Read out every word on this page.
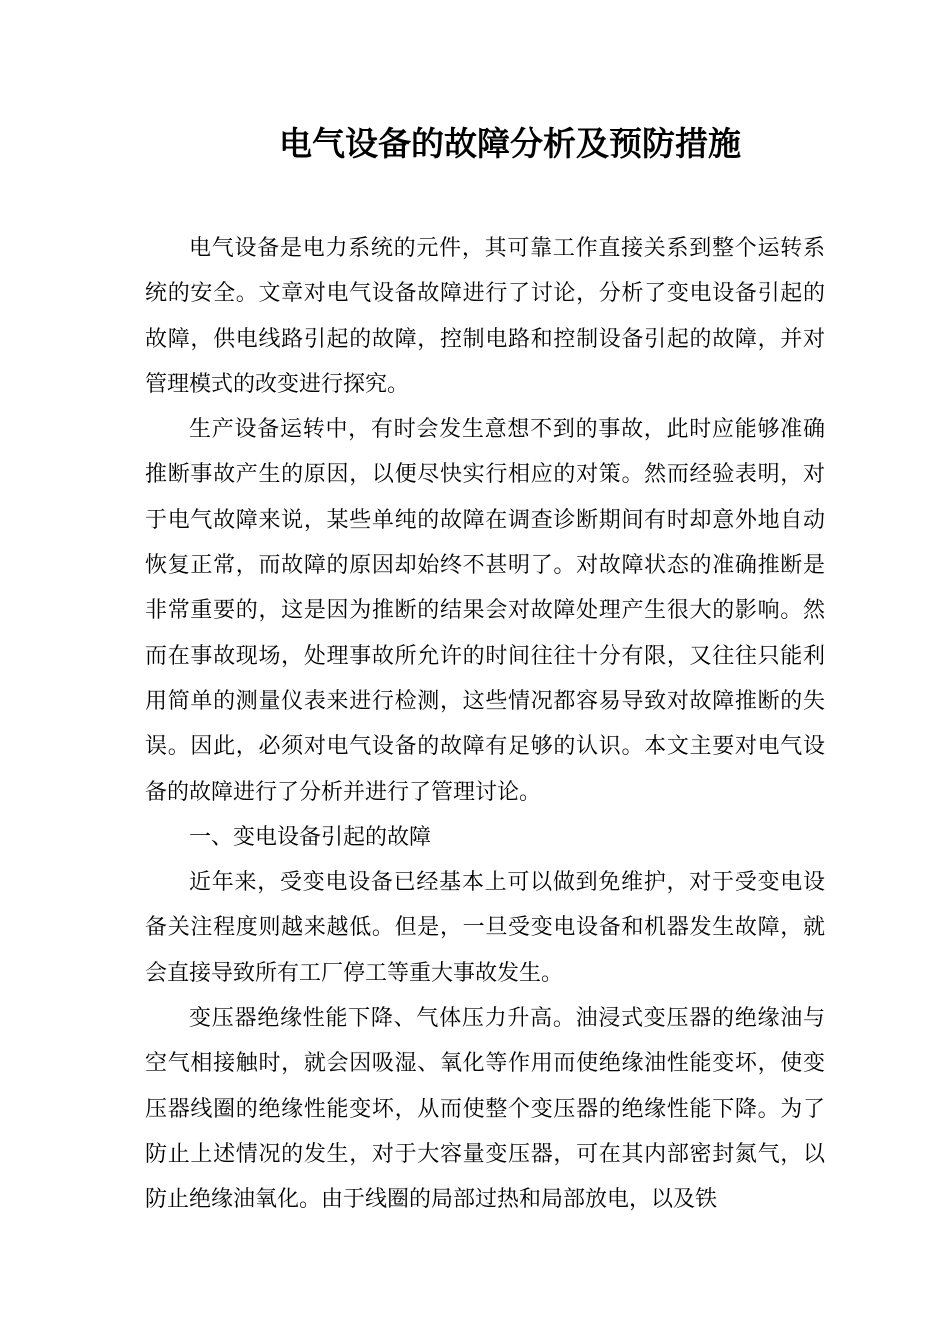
电气设备的故障分析及预防措施

电气设备是电力系统的元件，其可靠工作直接关系到整个运转系统的安全。文章对电气设备故障进行了讨论，分析了变电设备引起的故障，供电线路引起的故障，控制电路和控制设备引起的故障，并对管理模式的改变进行探究。

生产设备运转中，有时会发生意想不到的事故，此时应能够准确推断事故产生的原因，以便尽快实行相应的对策。然而经验表明，对于电气故障来说，某些单纯的故障在调查诊断期间有时却意外地自动恢复正常，而故障的原因却始终不甚明了。对故障状态的准确推断是非常重要的，这是因为推断的结果会对故障处理产生很大的影响。然而在事故现场，处理事故所允许的时间往往十分有限，又往往只能利用简单的测量仪表来进行检测，这些情况都容易导致对故障推断的失误。因此，必须对电气设备的故障有足够的认识。本文主要对电气设备的故障进行了分析并进行了管理讨论。

一、变电设备引起的故障

近年来，受变电设备已经基本上可以做到免维护，对于受变电设备关注程度则越来越低。但是，一旦受变电设备和机器发生故障，就会直接导致所有工厂停工等重大事故发生。

变压器绝缘性能下降、气体压力升高。油浸式变压器的绝缘油与空气相接触时，就会因吸湿、氧化等作用而使绝缘油性能变坏，使变压器线圈的绝缘性能变坏，从而使整个变压器的绝缘性能下降。为了防止上述情况的发生，对于大容量变压器，可在其内部密封氮气，以防止绝缘油氧化。由于线圈的局部过热和局部放电，以及铁
